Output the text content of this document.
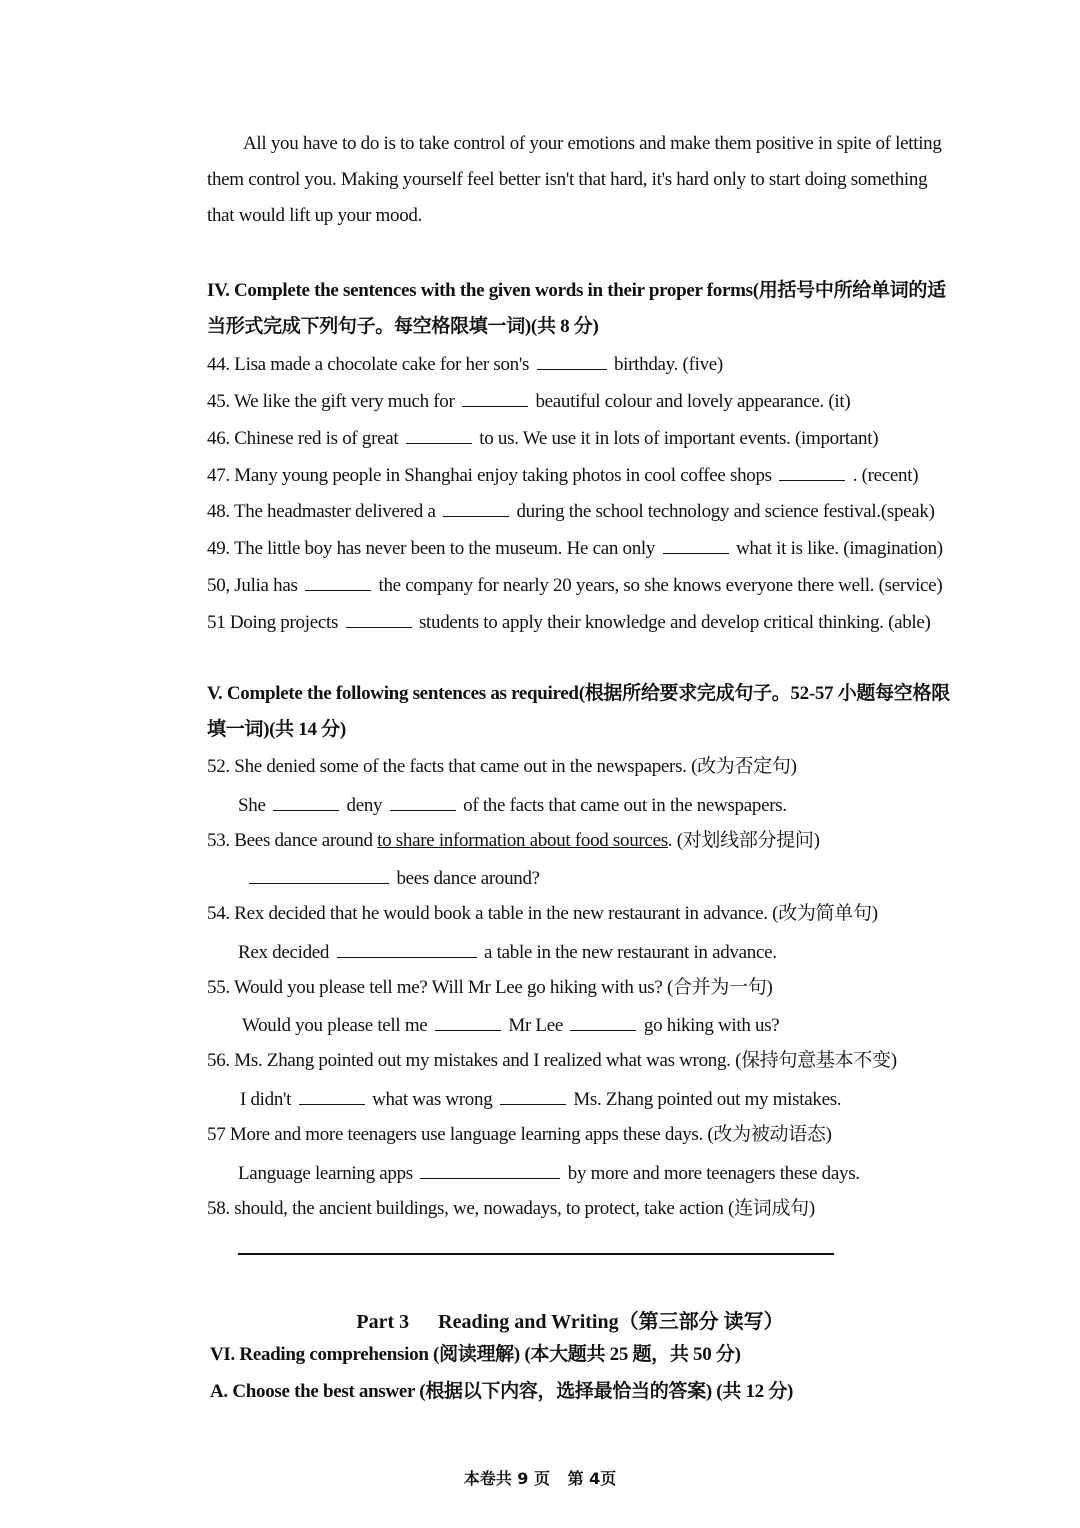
All you have to do is to take control of your emotions and make them positive in spite of letting
them control you. Making yourself feel better isn't that hard, it's hard only to start doing something
that would lift up your mood.
IV. Complete the sentences with the given words in their proper forms(用括号中所给单词的适
当形式完成下列句子。每空格限填一词)(共 8 分)
44. Lisa made a chocolate cake for her son's	birthday. (five)
45. We like the gift very much for	beautiful colour and lovely appearance. (it)
46. Chinese red is of great	to us. We use it in lots of important events. (important)
47. Many young people in Shanghai enjoy taking photos in cool coffee shops	. (recent)
48. The headmaster delivered a	during the school technology and science festival.(speak)
49. The little boy has never been to the museum. He can only	what it is like. (imagination)
50, Julia has	the company for nearly 20 years, so she knows everyone there well. (service)
51 Doing projects	students to apply their knowledge and develop critical thinking. (able)
V. Complete the following sentences as required(根据所给要求完成句子。52-57 小题每空格限
填一词)(共 14 分)
52. She denied some of the facts that came out in the newspapers. (改为否定句)
She	deny	of the facts that came out in the newspapers.
53. Bees dance around to share information about food sources. (对划线部分提问)
bees dance around?
54. Rex decided that he would book a table in the new restaurant in advance. (改为简单句)
Rex decided	a table in the new restaurant in advance.
55. Would you please tell me? Will Mr Lee go hiking with us? (合并为一句)
Would you please tell me	Mr Lee	go hiking with us?
56. Ms. Zhang pointed out my mistakes and I realized what was wrong. (保持句意基本不变)
I didn't	what was wrong	Ms. Zhang pointed out my mistakes.
57 More and more teenagers use language learning apps these days. (改为被动语态)
Language learning apps	by more and more teenagers these days.
58. should, the ancient buildings, we, nowadays, to protect, take action (连词成句)
Part 3 Reading and Writing（第三部分 读写）
VI. Reading comprehension (阅读理解) (本大题共 25 题，共 50 分)
A. Choose the best answer (根据以下内容，选择最恰当的答案) (共 12 分)
本卷共 9 页 第 4页
